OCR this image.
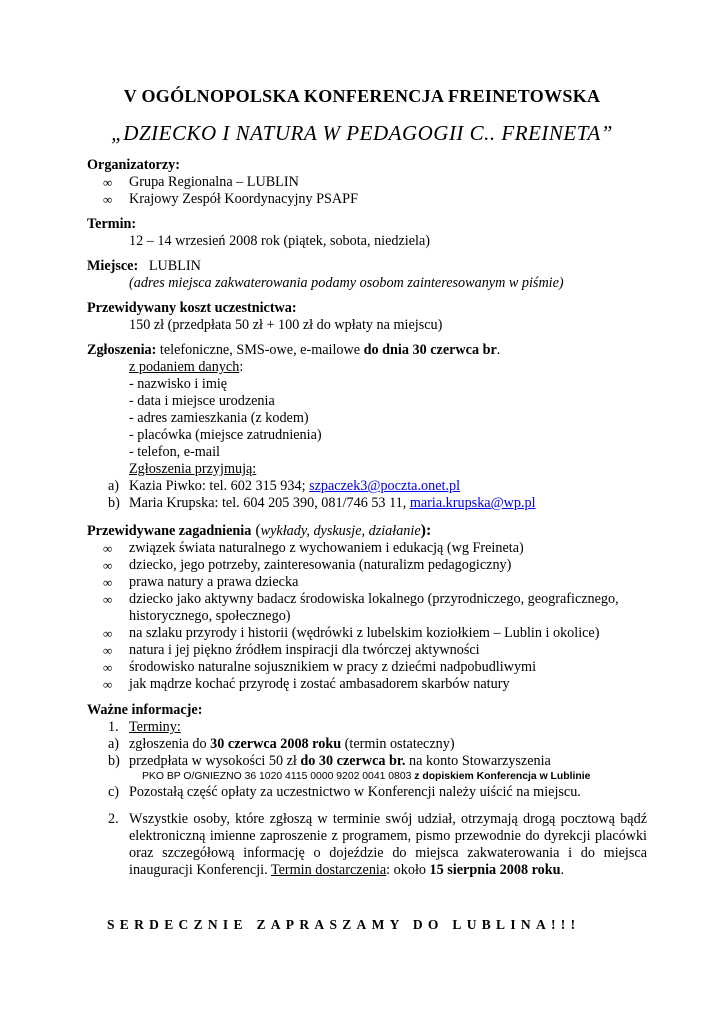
V OGÓLNOPOLSKA KONFERENCJA FREINETOWSKA
„DZIECKO I NATURA W PEDAGOGII C.. FREINETA”
Organizatorzy:
∞	Grupa Regionalna – LUBLIN
∞	Krajowy Zespół Koordynacyjny PSAPF
Termin:
12 – 14 wrzesień 2008 rok (piątek, sobota, niedziela)
Miejsce: LUBLIN
(adres miejsca zakwaterowania podamy osobom zainteresowanym w piśmie)
Przewidywany koszt uczestnictwa:
150 zł (przedpłata 50 zł + 100 zł do wpłaty na miejscu)
Zgłoszenia: telefoniczne, SMS-owe, e-mailowe do dnia 30 czerwca br.
z podaniem danych:
- nazwisko i imię
- data i miejsce urodzenia
- adres zamieszkania (z kodem)
- placówka (miejsce zatrudnienia)
- telefon, e-mail
Zgłoszenia przyjmują:
a) Kazia Piwko: tel. 602 315 934; szpaczek3@poczta.onet.pl
b) Maria Krupska: tel. 604 205 390, 081/746 53 11, maria.krupska@wp.pl
Przewidywane zagadnienia (wykłady, dyskusje, działanie):
∞	związek świata naturalnego z wychowaniem i edukacją (wg Freineta)
∞	dziecko, jego potrzeby, zainteresowania (naturalizm pedagogiczny)
∞	prawa natury a prawa dziecka
∞	dziecko jako aktywny badacz środowiska lokalnego (przyrodniczego, geograficznego, historycznego, społecznego)
∞	na szlaku przyrody i historii (wędrówki z lubelskim koziołkiem – Lublin i okolice)
∞	natura i jej piękno źródłem inspiracji dla twórczej aktywności
∞	środowisko naturalne sojusznikiem w pracy z dziećmi nadpobudliwymi
∞	jak mądrze kochać przyrodę i zostać ambasadorem skarbów natury
Ważne informacje:
1. Terminy:
a) zgłoszenia do 30 czerwca 2008 roku (termin ostateczny)
b) przedpłata w wysokości 50 zł do 30 czerwca br. na konto Stowarzyszenia
PKO BP O/GNIEZNO 36 1020 4115 0000 9202 0041 0803 z dopiskiem Konferencja w Lublinie
c) Pozostałą część opłaty za uczestnictwo w Konferencji należy uiścić na miejscu.
2. Wszystkie osoby, które zgłoszą w terminie swój udział, otrzymają drogą pocztową bądź elektroniczną imienne zaproszenie z programem, pismo przewodnie do dyrekcji placówki oraz szczegółową informację o dojeździe do miejsca zakwaterowania i do miejsca inauguracji Konferencji. Termin dostarczenia: około 15 sierpnia 2008 roku.
SERDECZNIE ZAPRASZAMY DO LUBLINA!!!
